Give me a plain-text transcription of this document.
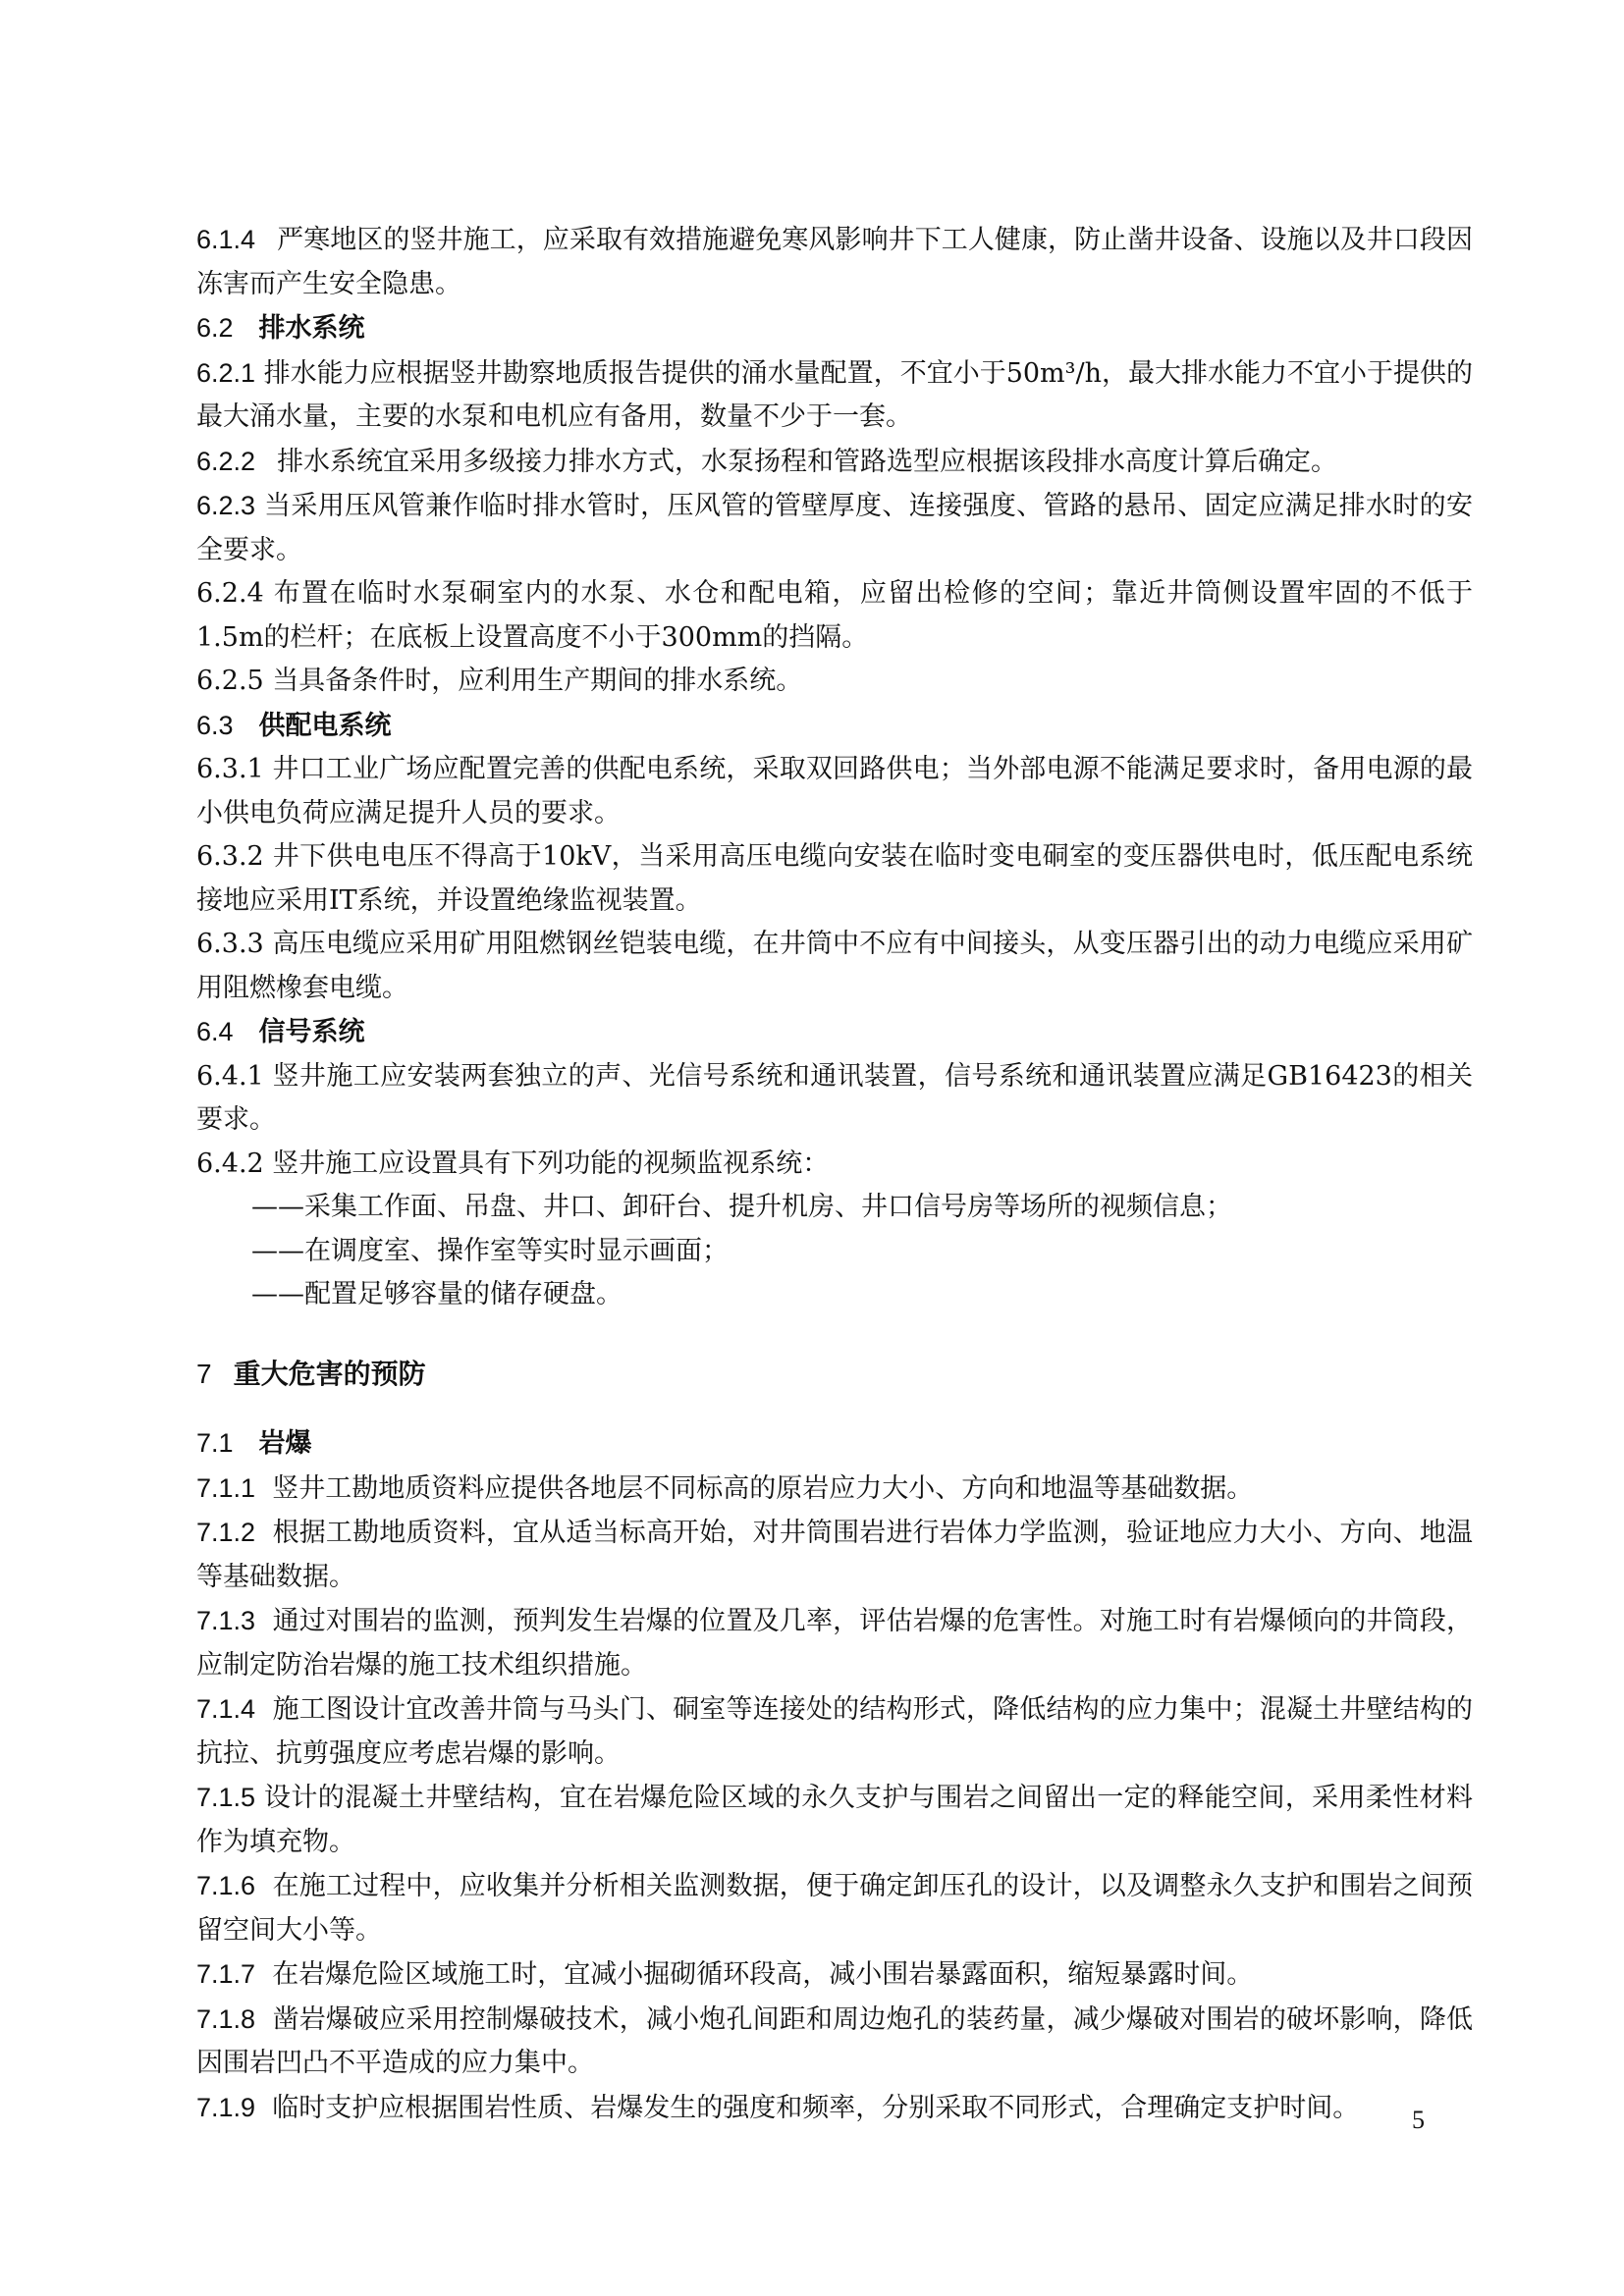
6.1.4 严寒地区的竖井施工，应采取有效措施避免寒风影响井下工人健康，防止凿井设备、设施以及井口段因冻害而产生安全隐患。

6.2 排水系统

6.2.1 排水能力应根据竖井勘察地质报告提供的涌水量配置，不宜小于50m³/h，最大排水能力不宜小于提供的最大涌水量，主要的水泵和电机应有备用，数量不少于一套。

6.2.2 排水系统宜采用多级接力排水方式，水泵扬程和管路选型应根据该段排水高度计算后确定。

6.2.3 当采用压风管兼作临时排水管时，压风管的管壁厚度、连接强度、管路的悬吊、固定应满足排水时的安全要求。

6.2.4 布置在临时水泵硐室内的水泵、水仓和配电箱，应留出检修的空间；靠近井筒侧设置牢固的不低于1.5m的栏杆；在底板上设置高度不小于300mm的挡隔。

6.2.5 当具备条件时，应利用生产期间的排水系统。

6.3 供配电系统

6.3.1 井口工业广场应配置完善的供配电系统，采取双回路供电；当外部电源不能满足要求时，备用电源的最小供电负荷应满足提升人员的要求。

6.3.2 井下供电电压不得高于10kV，当采用高压电缆向安装在临时变电硐室的变压器供电时，低压配电系统接地应采用IT系统，并设置绝缘监视装置。

6.3.3 高压电缆应采用矿用阻燃钢丝铠装电缆，在井筒中不应有中间接头，从变压器引出的动力电缆应采用矿用阻燃橡套电缆。

6.4 信号系统

6.4.1 竖井施工应安装两套独立的声、光信号系统和通讯装置，信号系统和通讯装置应满足GB16423的相关要求。

6.4.2 竖井施工应设置具有下列功能的视频监视系统：

——采集工作面、吊盘、井口、卸矸台、提升机房、井口信号房等场所的视频信息；

——在调度室、操作室等实时显示画面；

——配置足够容量的储存硬盘。

7 重大危害的预防

7.1 岩爆

7.1.1 竖井工勘地质资料应提供各地层不同标高的原岩应力大小、方向和地温等基础数据。

7.1.2 根据工勘地质资料，宜从适当标高开始，对井筒围岩进行岩体力学监测，验证地应力大小、方向、地温等基础数据。

7.1.3 通过对围岩的监测，预判发生岩爆的位置及几率，评估岩爆的危害性。对施工时有岩爆倾向的井筒段，应制定防治岩爆的施工技术组织措施。

7.1.4 施工图设计宜改善井筒与马头门、硐室等连接处的结构形式，降低结构的应力集中；混凝土井壁结构的抗拉、抗剪强度应考虑岩爆的影响。

7.1.5 设计的混凝土井壁结构，宜在岩爆危险区域的永久支护与围岩之间留出一定的释能空间，采用柔性材料作为填充物。

7.1.6 在施工过程中，应收集并分析相关监测数据，便于确定卸压孔的设计，以及调整永久支护和围岩之间预留空间大小等。

7.1.7 在岩爆危险区域施工时，宜减小掘砌循环段高，减小围岩暴露面积，缩短暴露时间。

7.1.8 凿岩爆破应采用控制爆破技术，减小炮孔间距和周边炮孔的装药量，减少爆破对围岩的破坏影响，降低因围岩凹凸不平造成的应力集中。

7.1.9 临时支护应根据围岩性质、岩爆发生的强度和频率，分别采取不同形式，合理确定支护时间。	5
